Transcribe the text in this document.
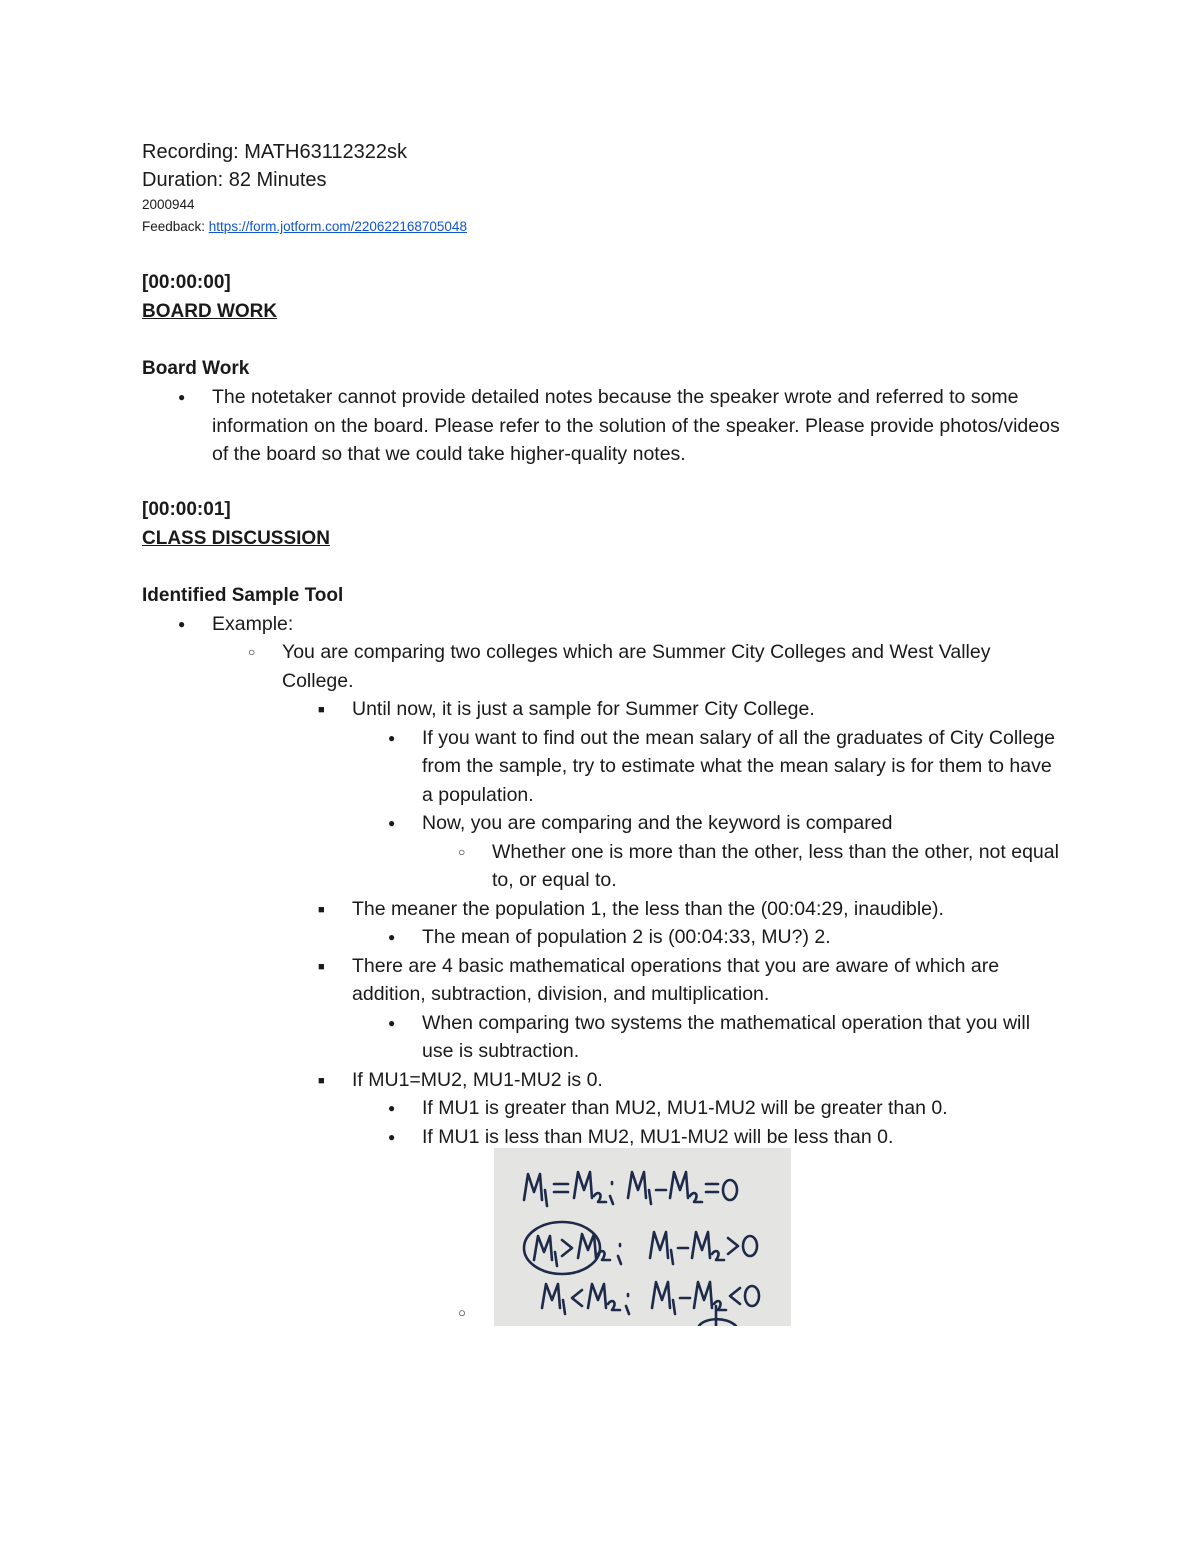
Recording: MATH63112322sk
Duration: 82 Minutes
2000944
Feedback: https://form.jotform.com/220622168705048
[00:00:00]
BOARD WORK
Board Work
●
The notetaker cannot provide detailed notes because the speaker wrote and referred to some information on the board. Please refer to the solution of the speaker. Please provide photos/videos of the board so that we could take higher-quality notes.
[00:00:01]
CLASS DISCUSSION
Identified Sample Tool
●
Example:
○
You are comparing two colleges which are Summer City Colleges and West Valley College.
■
Until now, it is just a sample for Summer City College.
●
If you want to find out the mean salary of all the graduates of City College from the sample, try to estimate what the mean salary is for them to have a population.
●
Now, you are comparing and the keyword is compared
○
Whether one is more than the other, less than the other, not equal to, or equal to.
■
The meaner the population 1, the less than the (00:04:29, inaudible).
●
The mean of population 2 is (00:04:33, MU?) 2.
■
There are 4 basic mathematical operations that you are aware of which are addition, subtraction, division, and multiplication.
●
When comparing two systems the mathematical operation that you will use is subtraction.
■
If MU1=MU2, MU1-MU2 is 0.
●
If MU1 is greater than MU2, MU1-MU2 will be greater than 0.
●
If MU1 is less than MU2, MU1-MU2 will be less than 0.
○
